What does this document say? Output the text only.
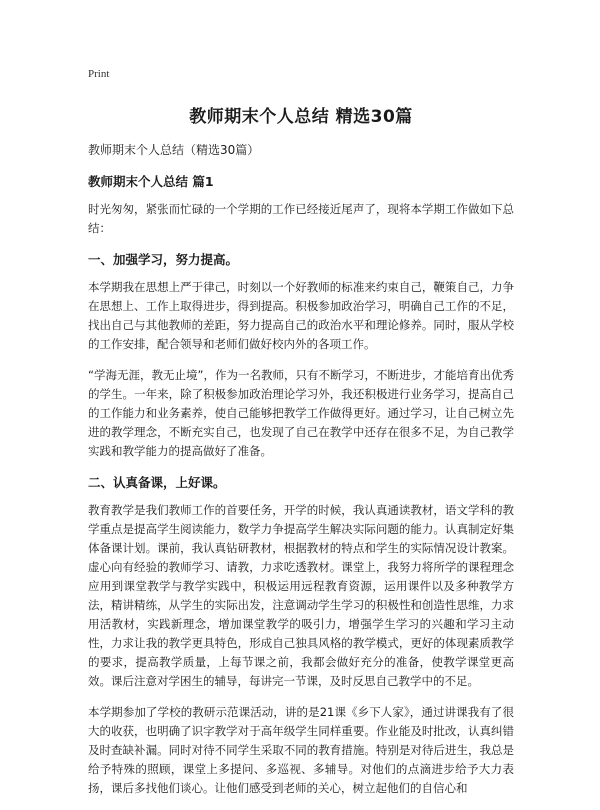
Print
教师期末个人总结 精选30篇
教师期末个人总结（精选30篇）
教师期末个人总结 篇1

时光匆匆，紧张而忙碌的一个学期的工作已经接近尾声了，现将本学期工作做如下总结：

一、加强学习，努力提高。

本学期我在思想上严于律己，时刻以一个好教师的标准来约束自己，鞭策自己，力争在思想上、工作上取得进步，得到提高。积极参加政治学习，明确自己工作的不足，找出自己与其他教师的差距，努力提高自己的政治水平和理论修养。同时，服从学校的工作安排，配合领导和老师们做好校内外的各项工作。

“学海无涯，教无止境”，作为一名教师，只有不断学习，不断进步，才能培育出优秀的学生。一年来，除了积极参加政治理论学习外，我还积极进行业务学习，提高自己的工作能力和业务素养，使自己能够把教学工作做得更好。通过学习，让自己树立先进的教学理念，不断充实自己，也发现了自己在教学中还存在很多不足，为自己教学实践和教学能力的提高做好了准备。

二、认真备课，上好课。

教育教学是我们教师工作的首要任务，开学的时候，我认真通读教材，语文学科的教学重点是提高学生阅读能力，数学力争提高学生解决实际问题的能力。认真制定好集体备课计划。课前，我认真钻研教材，根据教材的特点和学生的实际情况设计教案。虚心向有经验的教师学习、请教，力求吃透教材。课堂上，我努力将所学的课程理念应用到课堂教学与教学实践中，积极运用远程教育资源，运用课件以及多种教学方法，精讲精练，从学生的实际出发，注意调动学生学习的积极性和创造性思维，力求用活教材，实践新理念，增加课堂教学的吸引力，增强学生学习的兴趣和学习主动性，力求让我的教学更具特色，形成自己独具风格的教学模式，更好的体现素质教学的要求，提高教学质量，上每节课之前，我都会做好充分的准备，使教学课堂更高效。课后注意对学困生的辅导，每讲完一节课，及时反思自己教学中的不足。

本学期参加了学校的教研示范课活动，讲的是21课《乡下人家》，通过讲课我有了很大的收获，也明确了识字教学对于高年级学生同样重要。作业能及时批改，认真纠错及时查缺补漏。同时对待不同学生采取不同的教育措施。特别是对待后进生，我总是给予特殊的照顾，课堂上多提问、多巡视、多辅导。对他们的点滴进步给予大力表扬，课后多找他们谈心。让他们感受到老师的关心，树立起他们的自信心和
